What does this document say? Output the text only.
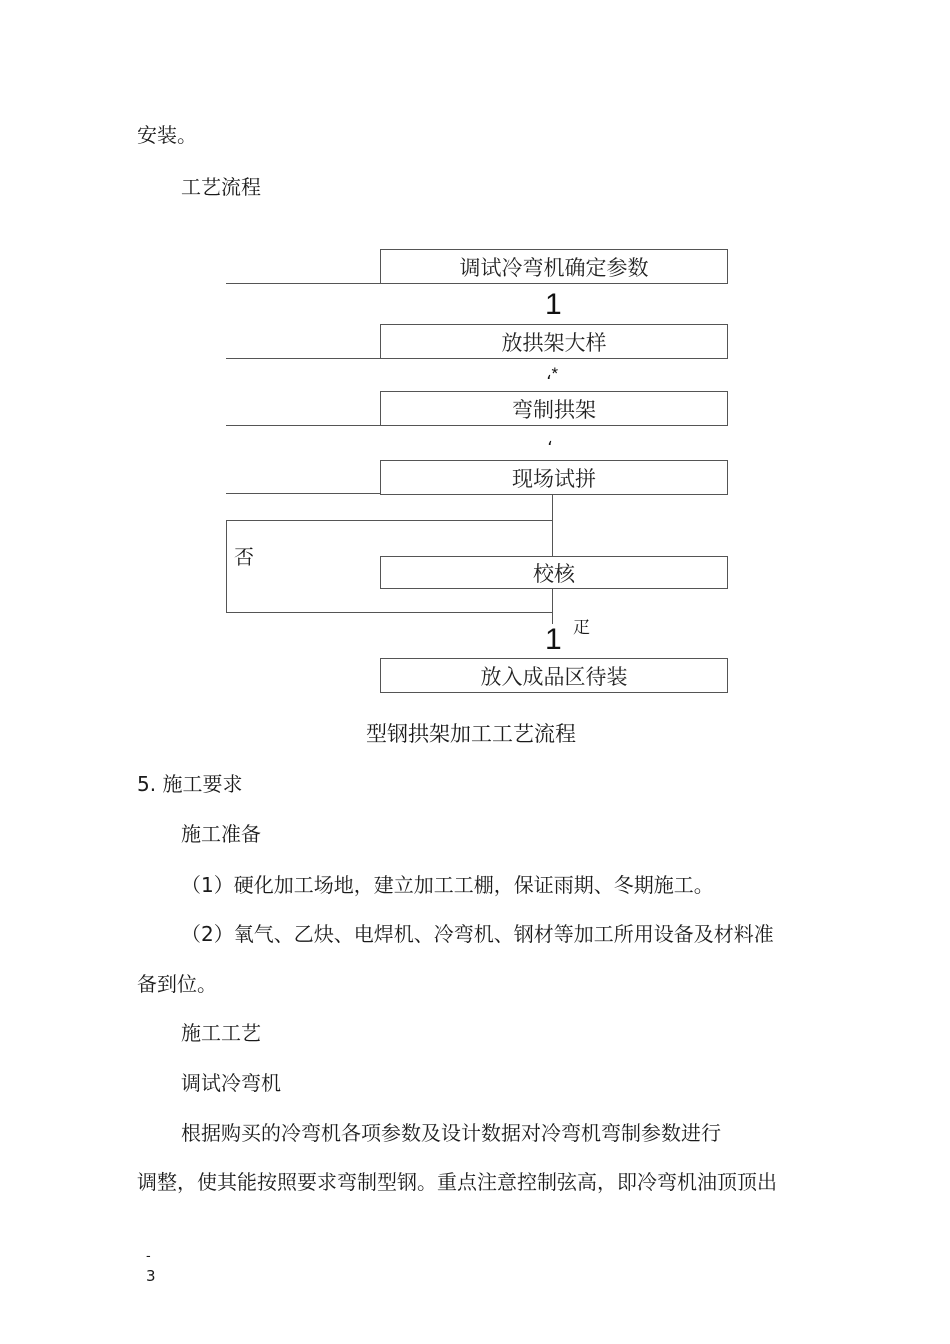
安装。
工艺流程
调试冷弯机确定参数
1
放拱架大样
،*
弯制拱架
،
现场试拼
否
校核
1 疋
放入成品区待装
型钢拱架加工工艺流程
5. 施工要求
施工准备
（1）硬化加工场地，建立加工工棚，保证雨期、冬期施工。
（2）氧气、乙炔、电焊机、冷弯机、钢材等加工所用设备及材料准
备到位。
施工工艺
调试冷弯机
根据购买的冷弯机各项参数及设计数据对冷弯机弯制参数进行
调整，使其能按照要求弯制型钢。重点注意控制弦高，即冷弯机油顶顶出
-
3
